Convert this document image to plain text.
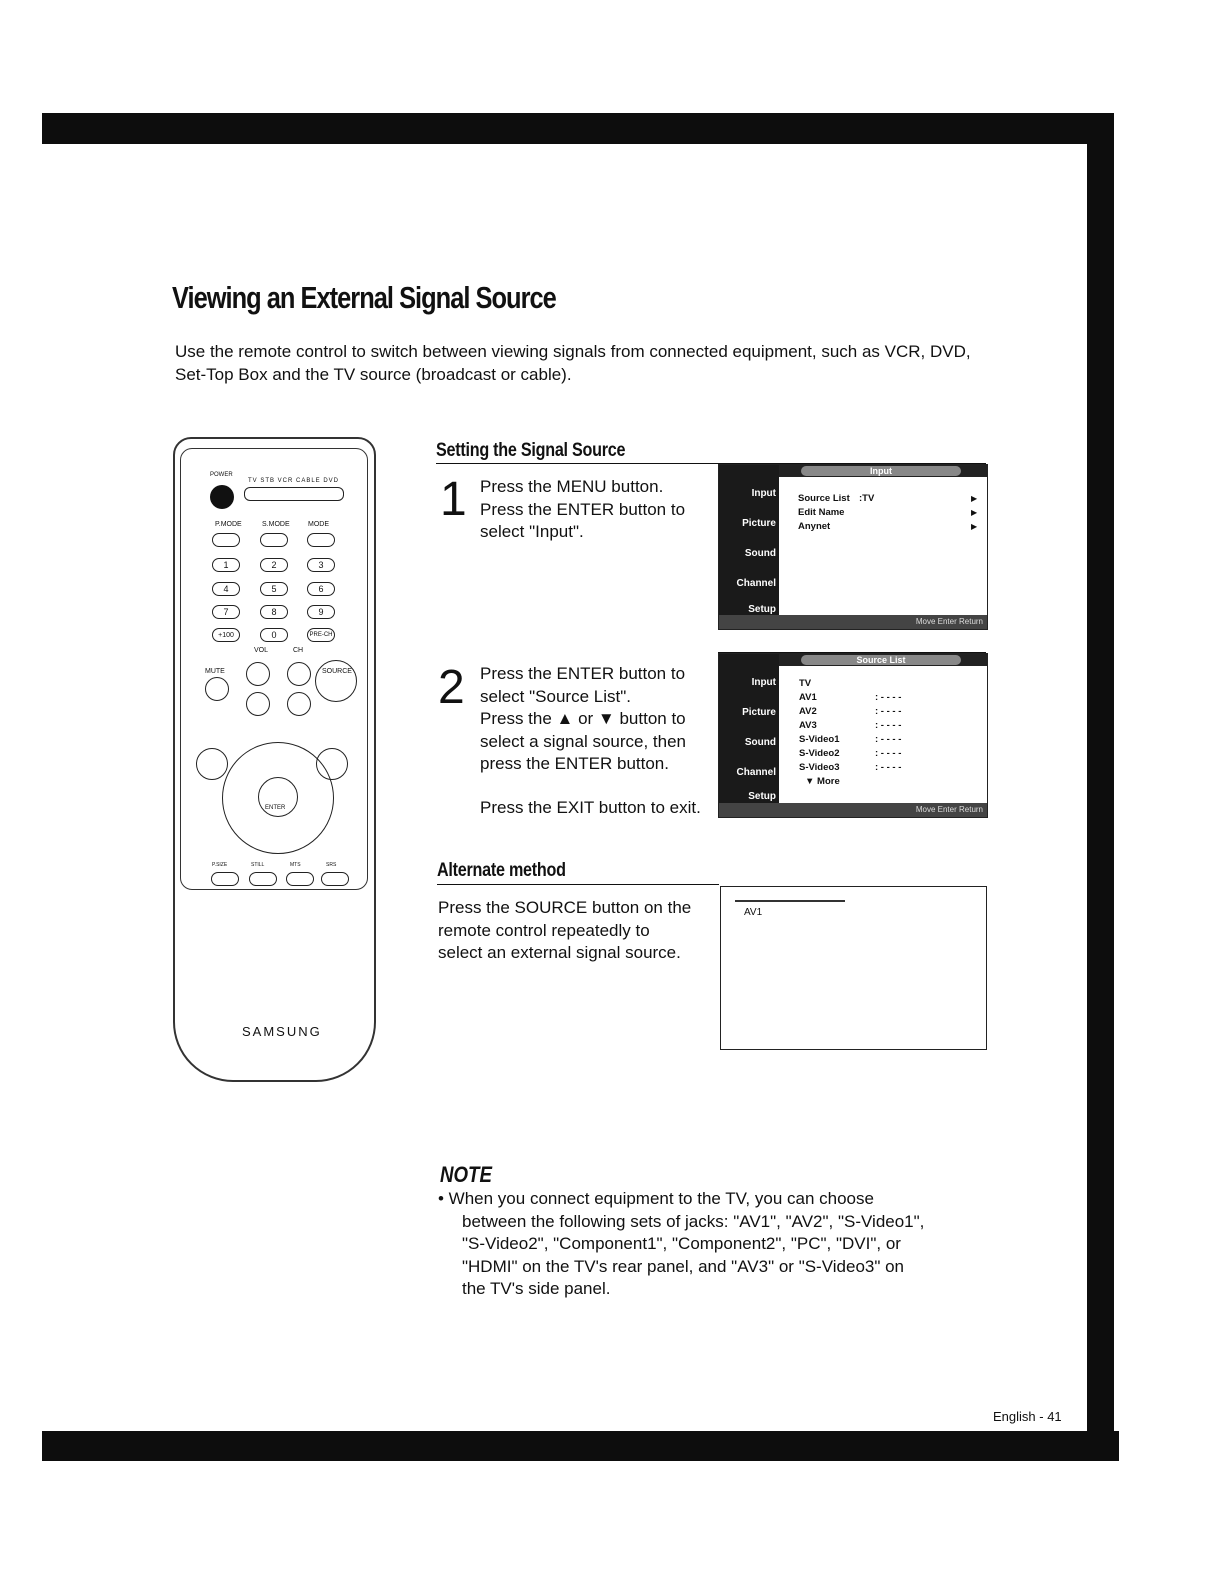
Viewing an External Signal Source
Use the remote control to switch between viewing signals from connected equipment, such as VCR, DVD, Set-Top Box and the TV source (broadcast or cable).
POWER
TV STB VCR CABLE DVD
P.MODE	S.MODE	MODE
1	2	3
4	5	6
7	8	9
+100	0	PRE-CH
VOL	CH
MUTE	SOURCE
ENTER
P.SIZE	STILL	MTS	SRS
SAMSUNG
Setting the Signal Source
1 Press the MENU button.
Press the ENTER button to
select "Input".
Input
Input
Picture
Sound
Channel
Setup
Source List :TV	▶
Edit Name	▶
Anynet	▶
Move Enter Return
2 Press the ENTER button to
select "Source List".
Press the ▲ or ▼ button to
select a signal source, then
press the ENTER button.
Press the EXIT button to exit.
Source List
Input
Picture
Sound
Channel
Setup
TV
AV1	: - - - -
AV2	: - - - -
AV3	: - - - -
S-Video1	: - - - -
S-Video2	: - - - -
S-Video3	: - - - -
▼ More
Move Enter Return
Alternate method
Press the SOURCE button on the
remote control repeatedly to
select an external signal source.
AV1
NOTE
• When you connect equipment to the TV, you can choose
between the following sets of jacks: "AV1", "AV2", "S-Video1",
"S-Video2", "Component1", "Component2", "PC", "DVI", or
"HDMI" on the TV's rear panel, and "AV3" or "S-Video3" on
the TV's side panel.
English - 41
